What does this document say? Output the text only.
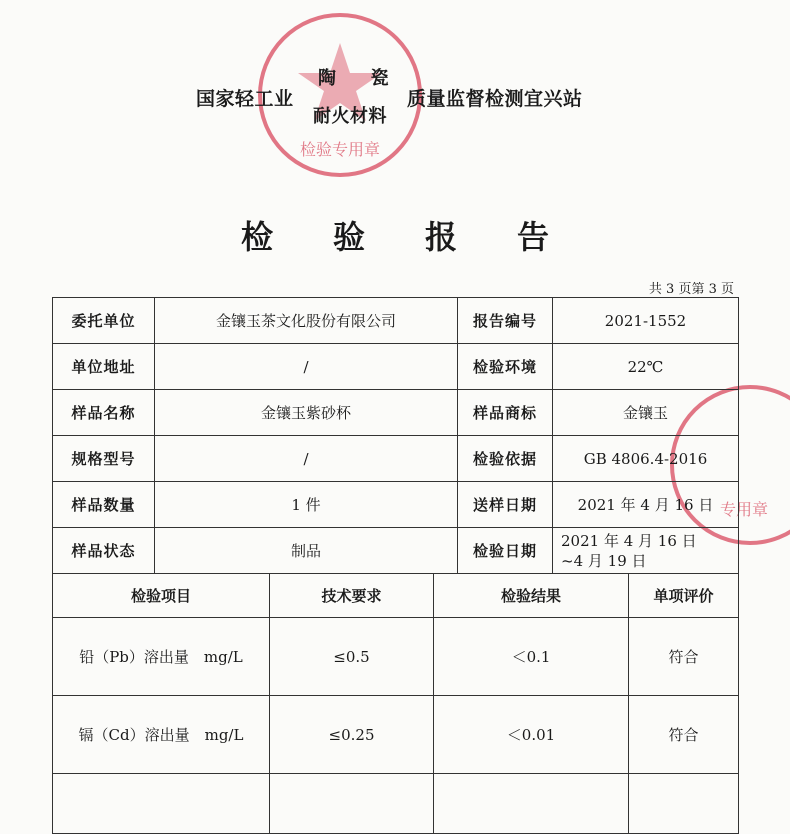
检验专用章
专用章
国家轻工业
陶 瓷
耐火材料
质量监督检测宜兴站
检	验	报	告
共 3 页第 3 页
委托单位	金镶玉茶文化股份有限公司	报告编号	2021-1552
单位地址	/	检验环境	22℃
样品名称	金镶玉紫砂杯	样品商标	金镶玉
规格型号	/	检验依据	GB 4806.4-2016
样品数量	1 件	送样日期	2021 年 4 月 16 日
样品状态	制品	检验日期	2021 年 4 月 16 日
~4 月 19 日
检验项目	技术要求	检验结果	单项评价
铅（Pb）溶出量　mg/L	≤0.5	＜0.1	符合
镉（Cd）溶出量　mg/L	≤0.25	＜0.01	符合
